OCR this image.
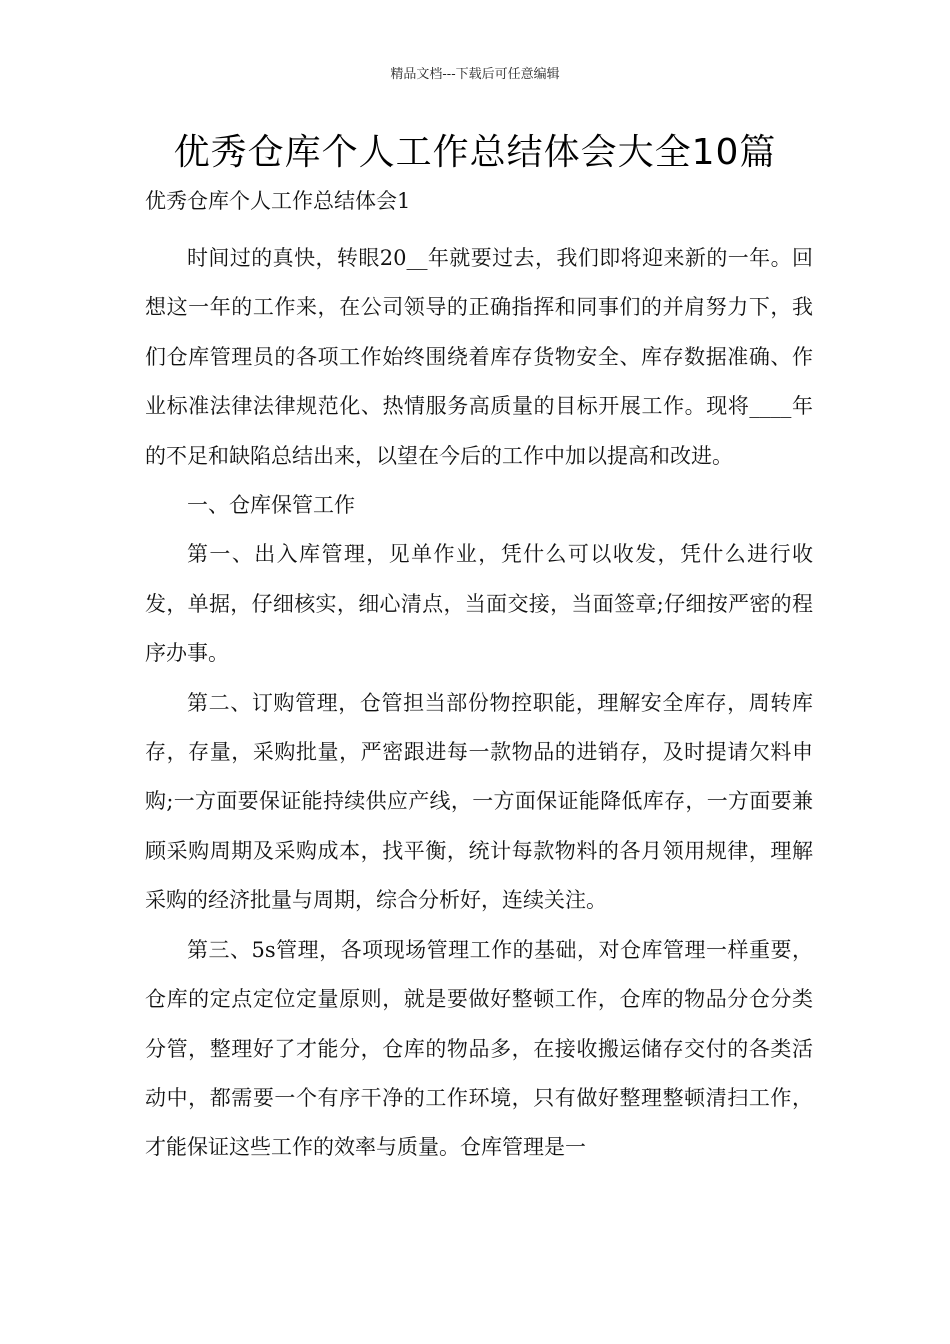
精品文档---下载后可任意编辑
优秀仓库个人工作总结体会大全10篇
优秀仓库个人工作总结体会1

时间过的真快，转眼20__年就要过去，我们即将迎来新的一年。回想这一年的工作来，在公司领导的正确指挥和同事们的并肩努力下，我们仓库管理员的各项工作始终围绕着库存货物安全、库存数据准确、作业标准法律法律规范化、热情服务高质量的目标开展工作。现将____年的不足和缺陷总结出来，以望在今后的工作中加以提高和改进。

一、仓库保管工作

第一、出入库管理，见单作业，凭什么可以收发，凭什么进行收发，单据，仔细核实，细心清点，当面交接，当面签章;仔细按严密的程序办事。

第二、订购管理，仓管担当部份物控职能，理解安全库存，周转库存，存量，采购批量，严密跟进每一款物品的进销存，及时提请欠料申购;一方面要保证能持续供应产线，一方面保证能降低库存，一方面要兼顾采购周期及采购成本，找平衡，统计每款物料的各月领用规律，理解采购的经济批量与周期，综合分析好，连续关注。

第三、5s管理，各项现场管理工作的基础，对仓库管理一样重要，仓库的定点定位定量原则，就是要做好整顿工作，仓库的物品分仓分类分管，整理好了才能分，仓库的物品多，在接收搬运储存交付的各类活动中，都需要一个有序干净的工作环境，只有做好整理整顿清扫工作，才能保证这些工作的效率与质量。仓库管理是一
